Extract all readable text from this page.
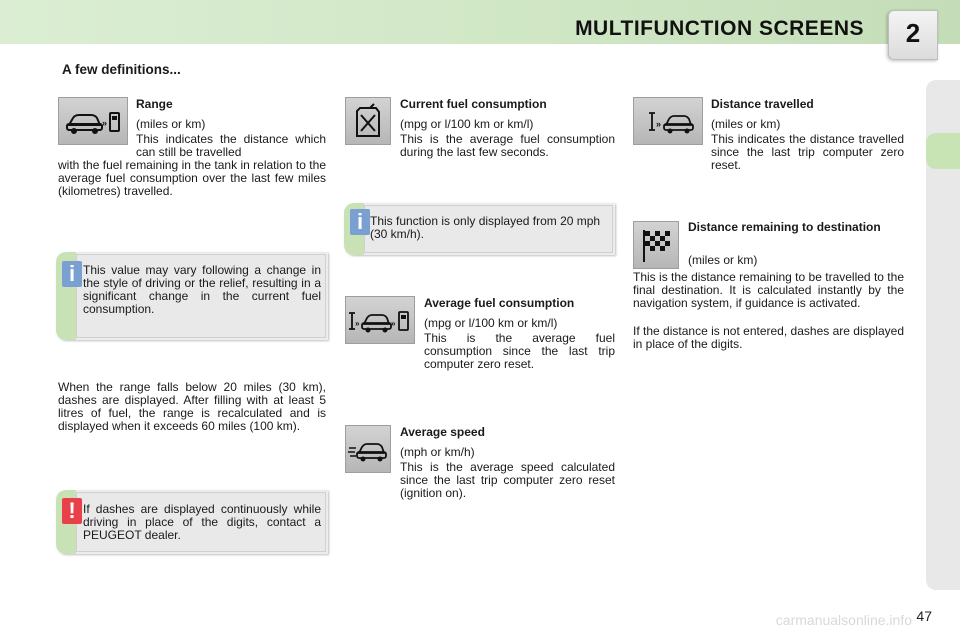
MULTIFUNCTION SCREENS	2
A few definitions...
»
Range
(miles or km)
This indicates the distance which can still be travelled
with the fuel remaining in the tank in relation to the average fuel consumption over the last few miles (kilometres) travelled.
i This value may vary following a change in the style of driving or the relief, resulting in a significant change in the current fuel consumption.
When the range falls below 20 miles (30 km), dashes are displayed. After filling with at least 5 litres of fuel, the range is recalculated and is displayed when it exceeds 60 miles (100 km).
! If dashes are displayed continuously while driving in place of the digits, contact a PEUGEOT dealer.
Current fuel consumption
(mpg or l/100 km or km/l)
This is the average fuel consumption during the last few seconds.
i This function is only displayed from 20 mph (30 km/h).
»	»
Average fuel consumption
(mpg or l/100 km or km/l)
This is the average fuel consumption since the last trip computer zero reset.
Average speed
(mph or km/h)
This is the average speed calculated since the last trip computer zero reset (ignition on).
»
Distance travelled
(miles or km)
This indicates the distance travelled since the last trip computer zero reset.
Distance remaining to destination
(miles or km)
This is the distance remaining to be travelled to the final destination. It is calculated instantly by the navigation system, if guidance is activated.
If the distance is not entered, dashes are displayed in place of the digits.
carmanualsonline.info 47
